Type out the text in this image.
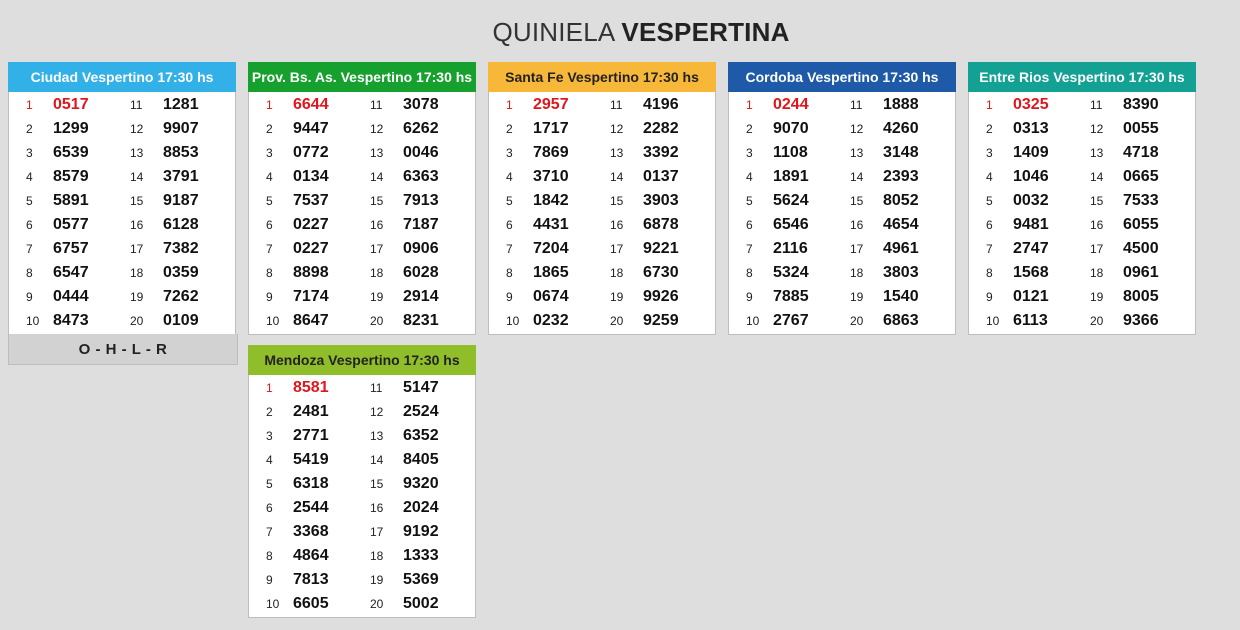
QUINIELA VESPERTINA
Ciudad Vespertino 17:30 hs
1	0517	11	1281
2	1299	12	9907
3	6539	13	8853
4	8579	14	3791
5	5891	15	9187
6	0577	16	6128
7	6757	17	7382
8	6547	18	0359
9	0444	19	7262
10 8473	20	0109
O - H - L - R
Prov. Bs. As. Vespertino 17:30 hs
1	6644	11	3078
2	9447	12	6262
3	0772	13	0046
4	0134	14	6363
5	7537	15	7913
6	0227	16	7187
7	0227	17	0906
8	8898	18	6028
9	7174	19	2914
10 8647	20	8231
Santa Fe Vespertino 17:30 hs
1	2957	11	4196
2	1717	12	2282
3	7869	13	3392
4	3710	14	0137
5	1842	15	3903
6	4431	16	6878
7	7204	17	9221
8	1865	18	6730
9	0674	19	9926
10 0232	20	9259
Cordoba Vespertino 17:30 hs
1	0244	11	1888
2	9070	12	4260
3	1108	13	3148
4	1891	14	2393
5	5624	15	8052
6	6546	16	4654
7	2116	17	4961
8	5324	18	3803
9	7885	19	1540
10 2767	20	6863
Entre Rios Vespertino 17:30 hs
1	0325	11	8390
2	0313	12	0055
3	1409	13	4718
4	1046	14	0665
5	0032	15	7533
6	9481	16	6055
7	2747	17	4500
8	1568	18	0961
9	0121	19	8005
10 6113	20	9366
Mendoza Vespertino 17:30 hs
1	8581	11	5147
2	2481	12	2524
3	2771	13	6352
4	5419	14	8405
5	6318	15	9320
6	2544	16	2024
7	3368	17	9192
8	4864	18	1333
9	7813	19	5369
10 6605	20	5002
